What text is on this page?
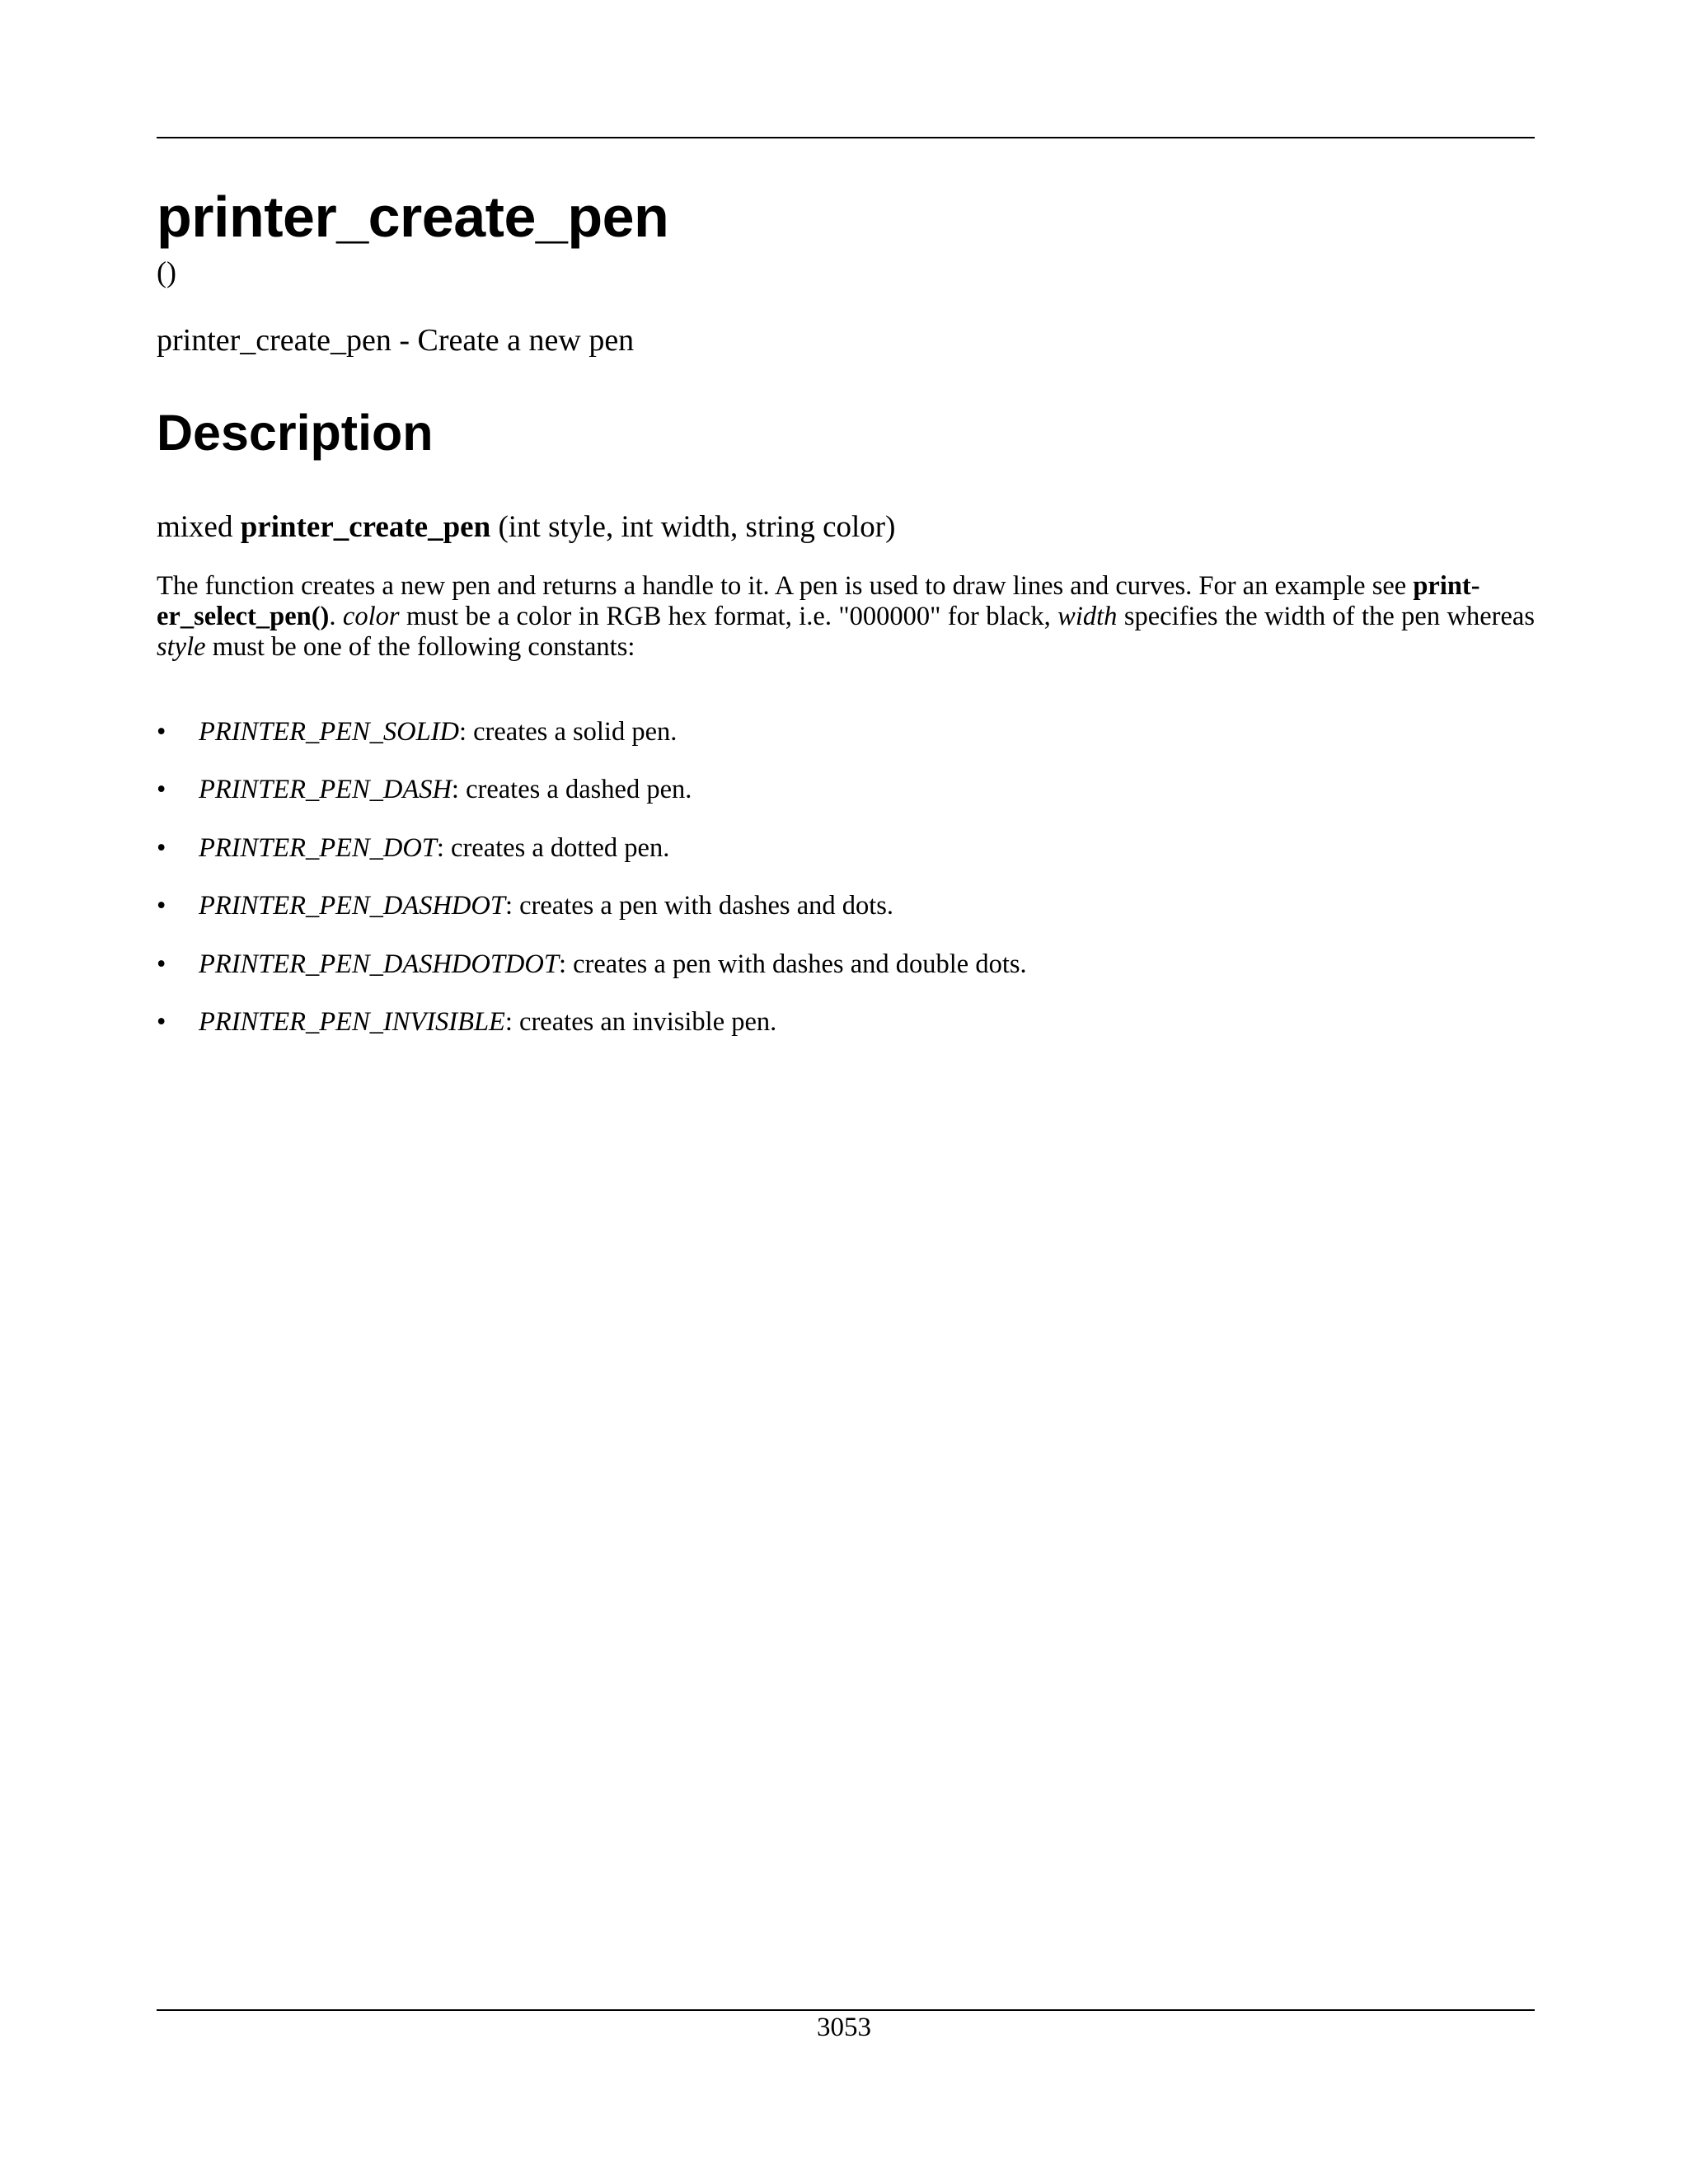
printer_create_pen
()
printer_create_pen - Create a new pen
Description
mixed printer_create_pen (int style, int width, string color)

The function creates a new pen and returns a handle to it. A pen is used to draw lines and curves. For an example see print-
er_select_pen(). color must be a color in RGB hex format, i.e. "000000" for black, width specifies the width of the pen whereas style must be one of the following constants:

• PRINTER_PEN_SOLID: creates a solid pen.
• PRINTER_PEN_DASH: creates a dashed pen.
• PRINTER_PEN_DOT: creates a dotted pen.
• PRINTER_PEN_DASHDOT: creates a pen with dashes and dots.
• PRINTER_PEN_DASHDOTDOT: creates a pen with dashes and double dots.
• PRINTER_PEN_INVISIBLE: creates an invisible pen.
3053
